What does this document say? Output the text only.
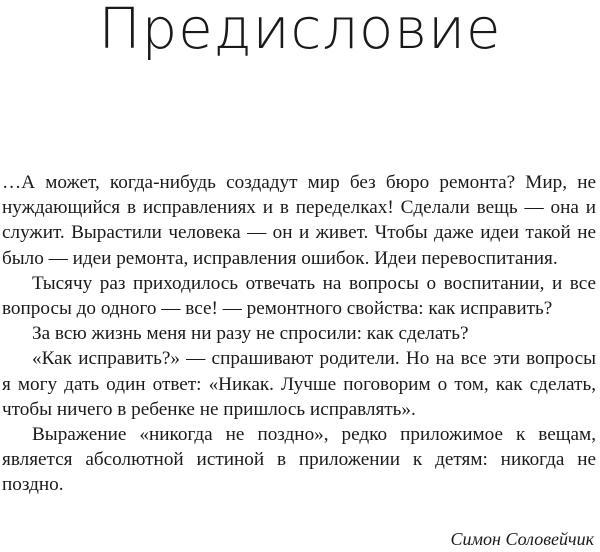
Предисловие

…А может, когда-нибудь создадут мир без бюро ремонта? Мир, не нуждающийся в исправлениях и в переделках! Сделали вещь — она и служит. Вырастили человека — он и живет. Чтобы даже идеи такой не было — идеи ремонта, исправления ошибок. Идеи перевоспитания.

Тысячу раз приходилось отвечать на вопросы о воспитании, и все вопросы до одного — все! — ремонтного свойства: как исправить?

За всю жизнь меня ни разу не спросили: как сделать?

«Как исправить?» — спрашивают родители. Но на все эти вопросы я могу дать один ответ: «Никак. Лучше поговорим о том, как сделать, чтобы ничего в ребенке не пришлось исправлять».

Выражение «никогда не поздно», редко приложимое к вещам, является абсолютной истиной в приложении к детям: никогда не поздно.

Симон Соловейчик
